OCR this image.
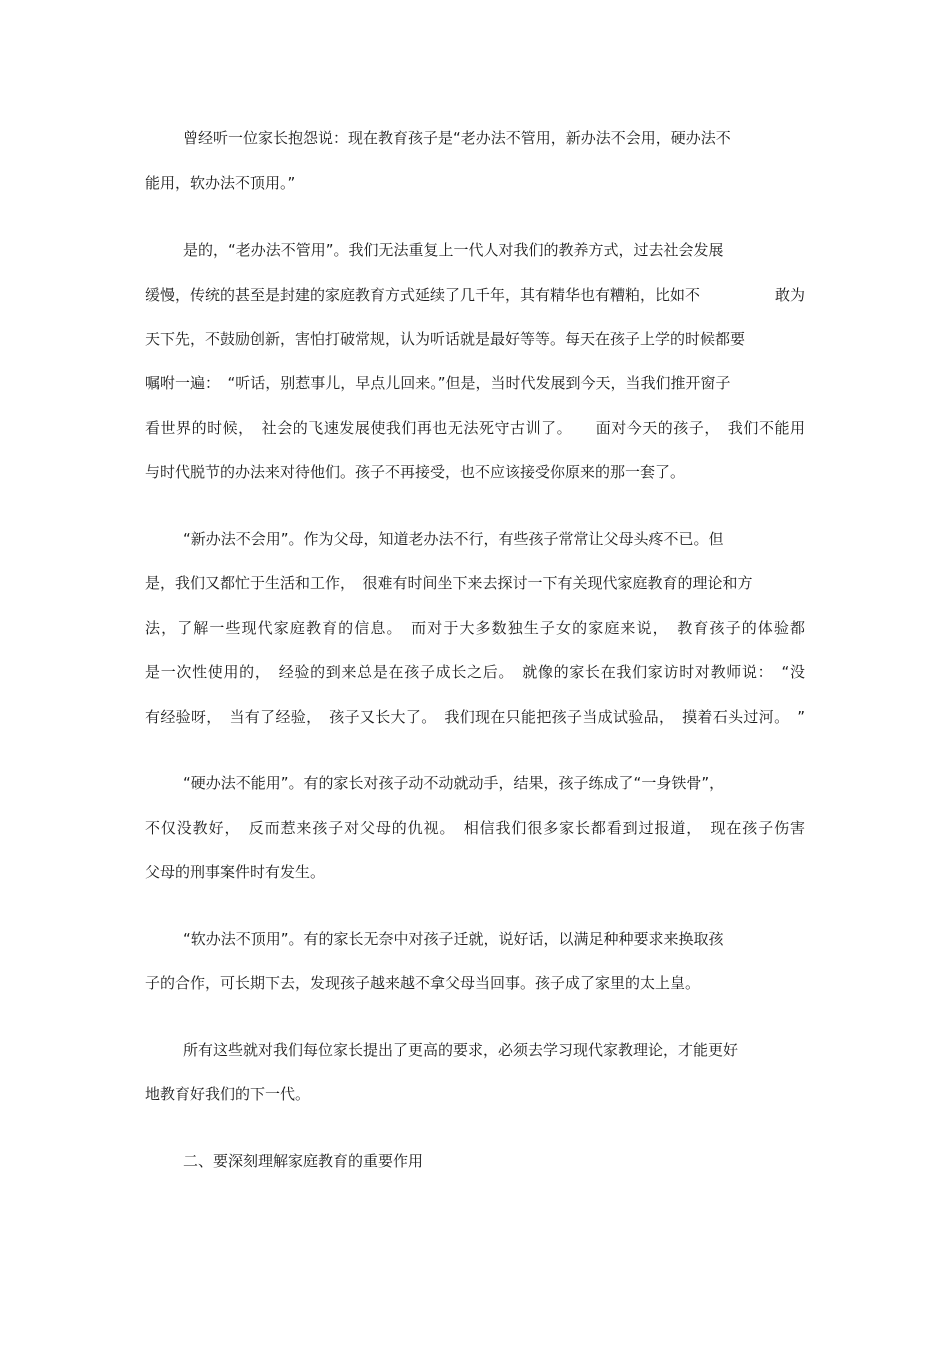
曾经听一位家长抱怨说：现在教育孩子是“老办法不管用，新办法不会用，硬办法不
能用，软办法不顶用。”
是的，“老办法不管用”。我们无法重复上一代人对我们的教养方式，过去社会发展
缓慢，传统的甚至是封建的家庭教育方式延续了几千年，其有精华也有糟粕，比如不　　　　　敢为
天下先，不鼓励创新，害怕打破常规，认为听话就是最好等等。每天在孩子上学的时候都要
嘱咐一遍：　“听话，别惹事儿，早点儿回来。”但是，当时代发展到今天，当我们推开窗子
看世界的时候，　社会的飞速发展使我们再也无法死守古训了。　　面对今天的孩子，　我们不能用
与时代脱节的办法来对待他们。孩子不再接受，也不应该接受你原来的那一套了。
“新办法不会用”。作为父母，知道老办法不行，有些孩子常常让父母头疼不已。但
是，我们又都忙于生活和工作，　很难有时间坐下来去探讨一下有关现代家庭教育的理论和方
法，了解一些现代家庭教育的信息。　而对于大多数独生子女的家庭来说，　教育孩子的体验都
是一次性使用的，　经验的到来总是在孩子成长之后。　就像的家长在我们家访时对教师说：　“没
有经验呀，　当有了经验，　孩子又长大了。　我们现在只能把孩子当成试验品，　摸着石头过河。　”
“硬办法不能用”。有的家长对孩子动不动就动手，结果，孩子练成了“一身铁骨”，
不仅没教好，　反而惹来孩子对父母的仇视。　相信我们很多家长都看到过报道，　现在孩子伤害
父母的刑事案件时有发生。
“软办法不顶用”。有的家长无奈中对孩子迁就，说好话，以满足种种要求来换取孩
子的合作，可长期下去，发现孩子越来越不拿父母当回事。孩子成了家里的太上皇。
所有这些就对我们每位家长提出了更高的要求，必须去学习现代家教理论，才能更好
地教育好我们的下一代。
二、要深刻理解家庭教育的重要作用
